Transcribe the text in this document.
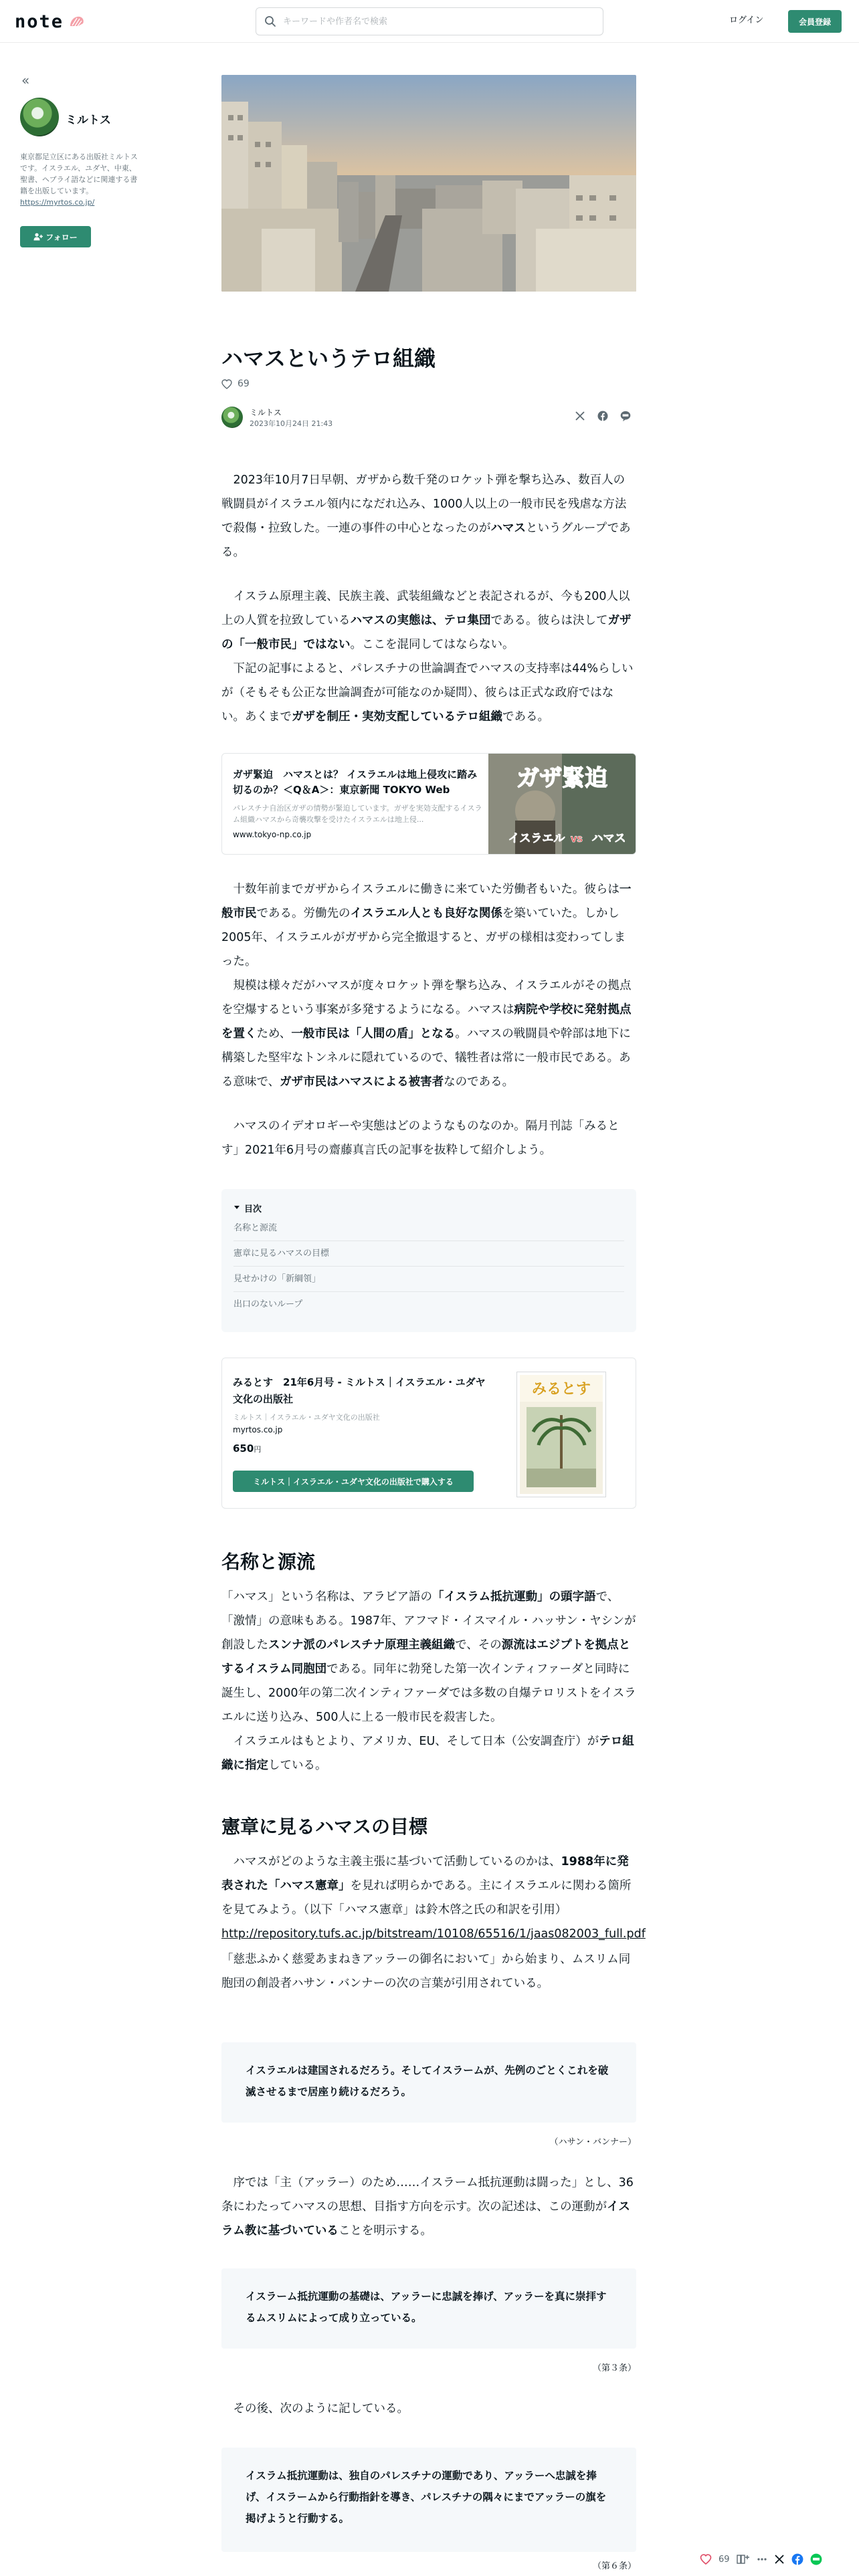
note
キーワードや作者名で検索	ログイン	会員登録
«
ミルトス
東京都足立区にある出版社ミルトスです。イスラエル、ユダヤ、中東、聖書、ヘブライ語などに関連する書籍を出版しています。
https://myrtos.co.jp/
フォロー
ハマスというテロ組織
69
ミルトス
2023年10月24日 21:43
　2023年10月7日早朝、ガザから数千発のロケット弾を撃ち込み、数百人の戦闘員がイスラエル領内になだれ込み、1000人以上の一般市民を残虐な方法で殺傷・拉致した。一連の事件の中心となったのがハマスというグループである。
　イスラム原理主義、民族主義、武装組織などと表記されるが、今も200人以上の人質を拉致しているハマスの実態は、テロ集団である。彼らは決してガザの「一般市民」ではない。ここを混同してはならない。
　下記の記事によると、パレスチナの世論調査でハマスの支持率は44%らしいが（そもそも公正な世論調査が可能なのか疑問）、彼らは正式な政府ではない。あくまでガザを制圧・実効支配しているテロ組織である。
ガザ緊迫　ハマスとは？ イスラエルは地上侵攻に踏み切るのか？＜Q＆A＞：東京新聞 TOKYO Web
パレスチナ自治区ガザの情勢が緊迫しています。ガザを実効支配するイスラム組織ハマスから奇襲攻撃を受けたイスラエルは地上侵...
www.tokyo-np.co.jp
ガザ緊迫
イスラエル vs ハマス
　十数年前までガザからイスラエルに働きに来ていた労働者もいた。彼らは一般市民である。労働先のイスラエル人とも良好な関係を築いていた。しかし2005年、イスラエルがガザから完全撤退すると、ガザの様相は変わってしまった。
　規模は様々だがハマスが度々ロケット弾を撃ち込み、イスラエルがその拠点を空爆するという事案が多発するようになる。ハマスは病院や学校に発射拠点を置くため、一般市民は「人間の盾」となる。ハマスの戦闘員や幹部は地下に構築した堅牢なトンネルに隠れているので、犠牲者は常に一般市民である。ある意味で、ガザ市民はハマスによる被害者なのである。
　ハマスのイデオロギーや実態はどのようなものなのか。隔月刊誌「みるとす」2021年6月号の齋藤真言氏の記事を抜粋して紹介しよう。
目次
名称と源流
憲章に見るハマスの目標
見せかけの「新綱領」
出口のないループ
みるとす　21年6月号 - ミルトス｜イスラエル・ユダヤ文化の出版社
ミルトス｜イスラエル・ユダヤ文化の出版社
myrtos.co.jp
650円
ミルトス｜イスラエル・ユダヤ文化の出版社で購入する
みるとす
名称と源流
「ハマス」という名称は、アラビア語の「イスラム抵抗運動」の頭字語で、「激情」の意味もある。1987年、アフマド・イスマイル・ハッサン・ヤシンが創設したスンナ派のパレスチナ原理主義組織で、その源流はエジプトを拠点とするイスラム同胞団である。同年に勃発した第一次インティファーダと同時に誕生し、2000年の第二次インティファーダでは多数の自爆テロリストをイスラエルに送り込み、500人に上る一般市民を殺害した。
　イスラエルはもとより、アメリカ、EU、そして日本（公安調査庁）がテロ組織に指定している。
憲章に見るハマスの目標
　ハマスがどのような主義主張に基づいて活動しているのかは、1988年に発表された「ハマス憲章」を見れば明らかである。主にイスラエルに関わる箇所を見てみよう。（以下「ハマス憲章」は鈴木啓之氏の和訳を引用）
http://repository.tufs.ac.jp/bitstream/10108/65516/1/jaas082003_full.pdf
「慈悲ふかく慈愛あまねきアッラーの御名において」から始まり、ムスリム同胞団の創設者ハサン・バンナーの次の言葉が引用されている。
イスラエルは建国されるだろう。そしてイスラームが、先例のごとくこれを破滅させるまで居座り続けるだろう。
（ハサン・バンナー）
　序では「主（アッラー）のため……イスラーム抵抗運動は闘った」とし、36条にわたってハマスの思想、目指す方向を示す。次の記述は、この運動がイスラム教に基づいていることを明示する。
イスラーム抵抗運動の基礎は、アッラーに忠誠を捧げ、アッラーを真に崇拝するムスリムによって成り立っている。
（第３条）
　その後、次のように記している。
イスラム抵抗運動は、独自のパレスチナの運動であり、アッラーへ忠誠を捧げ、イスラームから行動指針を導き、パレスチナの隅々にまでアッラーの旗を掲げようと行動する。
（第６条）
69
